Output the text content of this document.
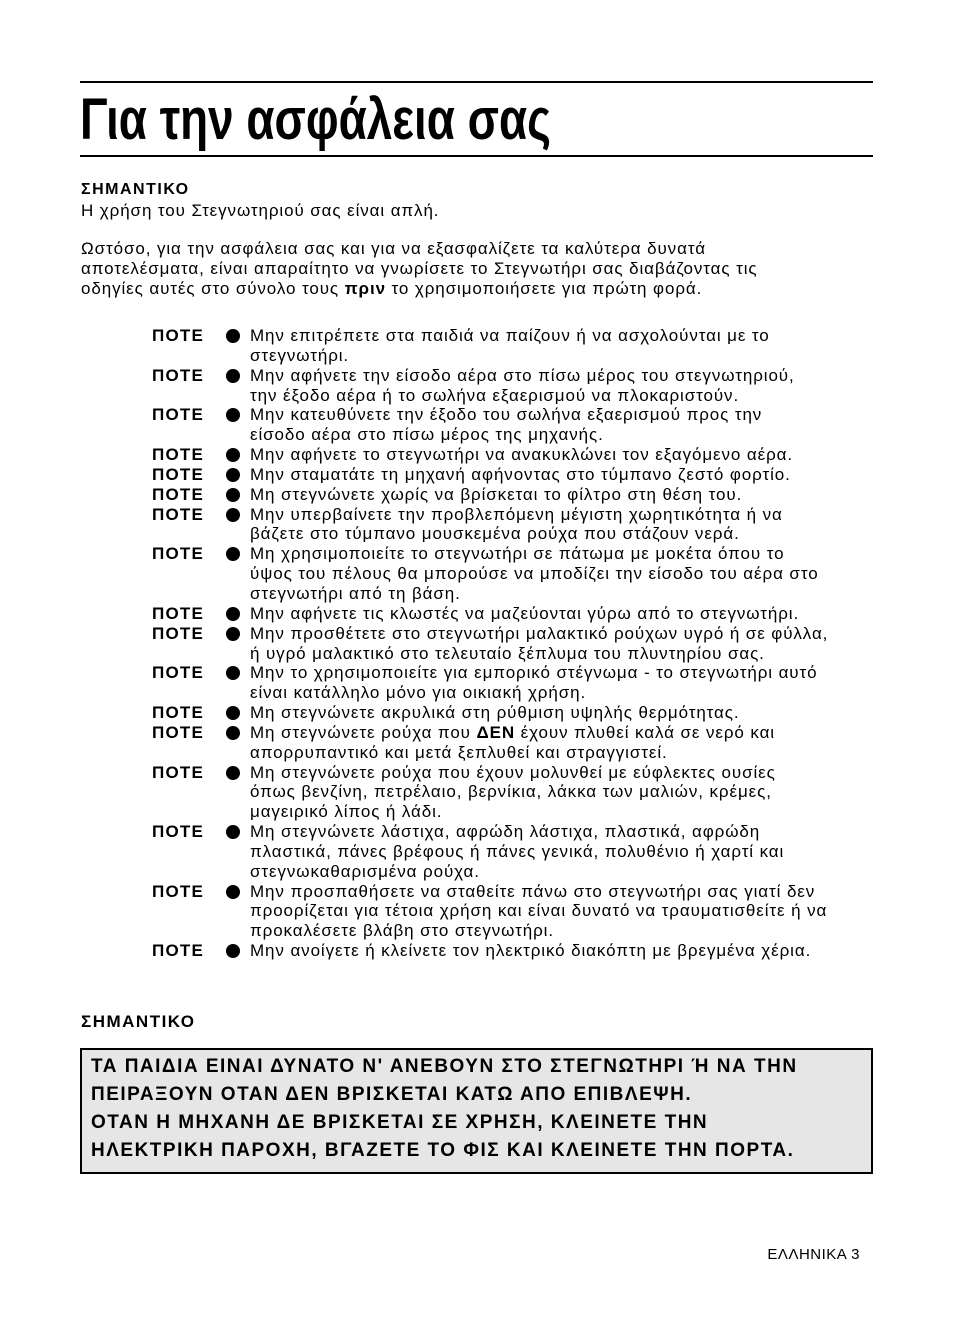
Για την ασφάλεια σας
ΣΗΜΑΝΤΙΚΟ
Η χρήση του Στεγνωτηριού σας είναι απλή.
Ωστόσο, για την ασφάλεια σας και για να εξασφαλίζετε τα καλύτερα δυνατά
αποτελέσματα, είναι απαραίτητο να γνωρίσετε το Στεγνωτήρι σας διαβάζοντας τις
οδηγίες αυτές στο σύνολο τους πριν το χρησιμοποιήσετε για πρώτη φορά.
ΠΟΤΕ	Μην επιτρέπετε στα παιδιά να παίζουν ή να ασχολούνται με το
στεγνωτήρι.
ΠΟΤΕ	Μην αφήνετε την είσοδο αέρα στο πίσω μέρος του στεγνωτηριού,
την έξοδο αέρα ή το σωλήνα εξαερισμού να πλοκαριστούν.
ΠΟΤΕ	Μην κατευθύνετε την έξοδο του σωλήνα εξαερισμού προς την
είσοδο αέρα στο πίσω μέρος της μηχανής.
ΠΟΤΕ	Μην αφήνετε το στεγνωτήρι να ανακυκλώνει τον εξαγόμενο αέρα.
ΠΟΤΕ	Μην σταματάτε τη μηχανή αφήνοντας στο τύμπανο ζεστό φορτίο.
ΠΟΤΕ	Μη στεγνώνετε χωρίς να βρίσκεται το φίλτρο στη θέση του.
ΠΟΤΕ	Μην υπερβαίνετε την προβλεπόμενη μέγιστη χωρητικότητα ή να
βάζετε στο τύμπανο μουσκεμένα ρούχα που στάζουν νερά.
ΠΟΤΕ	Μη χρησιμοποιείτε το στεγνωτήρι σε πάτωμα με μοκέτα όπου το
ύψος του πέλους θα μπορούσε να μποδίζει την είσοδο του αέρα στο
στεγνωτήρι από τη βάση.
ΠΟΤΕ	Μην αφήνετε τις κλωστές να μαζεύονται γύρω από το στεγνωτήρι.
ΠΟΤΕ	Μην προσθέτετε στο στεγνωτήρι μαλακτικό ρούχων υγρό ή σε φύλλα,
ή υγρό μαλακτικό στο τελευταίο ξέπλυμα του πλυντηρίου σας.
ΠΟΤΕ	Μην το χρησιμοποιείτε για εμπορικό στέγνωμα - το στεγνωτήρι αυτό
είναι κατάλληλο μόνο για οικιακή χρήση.
ΠΟΤΕ	Μη στεγνώνετε ακρυλικά στη ρύθμιση υψηλής θερμότητας.
ΠΟΤΕ	Μη στεγνώνετε ρούχα που ΔΕΝ έχουν πλυθεί καλά σε νερό και
απορρυπαντικό και μετά ξεπλυθεί και στραγγιστεί.
ΠΟΤΕ	Μη στεγνώνετε ρούχα που έχουν μολυνθεί με εύφλεκτες ουσίες
όπως βενζίνη, πετρέλαιο, βερνίκια, λάκκα των μαλιών, κρέμες,
μαγειρικό λίπος ή λάδι.
ΠΟΤΕ	Μη στεγνώνετε λάστιχα, αφρώδη λάστιχα, πλαστικά, αφρώδη
πλαστικά, πάνες βρέφους ή πάνες γενικά, πολυθένιο ή χαρτί και
στεγνωκαθαρισμένα ρούχα.
ΠΟΤΕ	Μην προσπαθήσετε να σταθείτε πάνω στο στεγνωτήρι σας γιατί δεν
προορίζεται για τέτοια χρήση και είναι δυνατό να τραυματισθείτε ή να
προκαλέσετε βλάβη στο στεγνωτήρι.
ΠΟΤΕ	Μην ανοίγετε ή κλείνετε τον ηλεκτρικό διακόπτη με βρεγμένα χέρια.
ΣΗΜΑΝΤΙΚΟ
ΤΑ ΠΑΙΔΙΑ ΕΙΝΑΙ ΔΥΝΑΤΟ Ν' ΑΝΕΒΟΥΝ ΣΤΟ ΣΤΕΓΝΩΤΗΡΙ Ή ΝΑ ΤΗΝ
ΠΕΙΡΑΞΟΥΝ ΟΤΑΝ ΔΕΝ ΒΡΙΣΚΕΤΑΙ ΚΑΤΩ ΑΠΟ ΕΠΙΒΛΕΨΗ.
ΟΤΑΝ Η ΜΗΧΑΝΗ ΔΕ ΒΡΙΣΚΕΤΑΙ ΣΕ ΧΡΗΣΗ, ΚΛΕΙΝΕΤΕ ΤΗΝ
ΗΛΕΚΤΡΙΚΗ ΠΑΡΟΧΗ, ΒΓΑΖΕΤΕ ΤΟ ΦΙΣ ΚΑΙ ΚΛΕΙΝΕΤΕ ΤΗΝ ΠΟΡΤΑ.
ΕΛΛΗΝΙΚΑ 3
